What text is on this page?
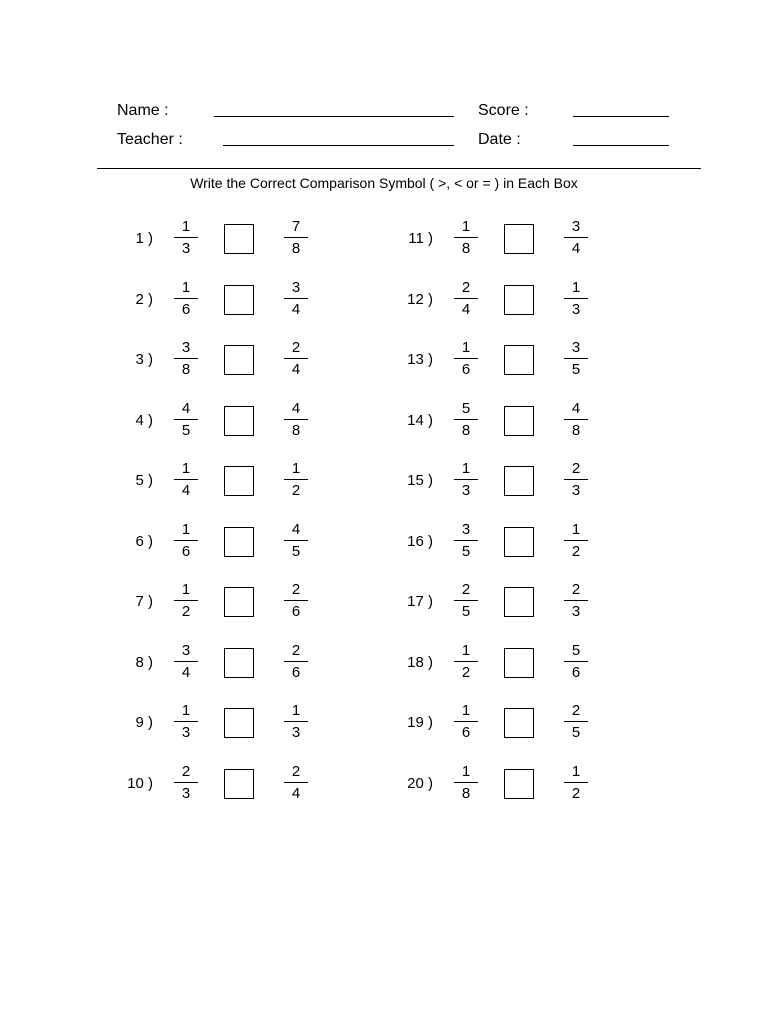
Name :	Score :
Teacher :	Date :
Write the Correct Comparison Symbol ( >, < or = ) in Each Box
1 )
1
3
7
8
2 )
1
6
3
4
3 )
3
8
2
4
4 )
4
5
4
8
5 )
1
4
1
2
6 )
1
6
4
5
7 )
1
2
2
6
8 )
3
4
2
6
9 )
1
3
1
3
10 )
2
3
2
4
11 )
1
8
3
4
12 )
2
4
1
3
13 )
1
6
3
5
14 )
5
8
4
8
15 )
1
3
2
3
16 )
3
5
1
2
17 )
2
5
2
3
18 )
1
2
5
6
19 )
1
6
2
5
20 )
1
8
1
2
